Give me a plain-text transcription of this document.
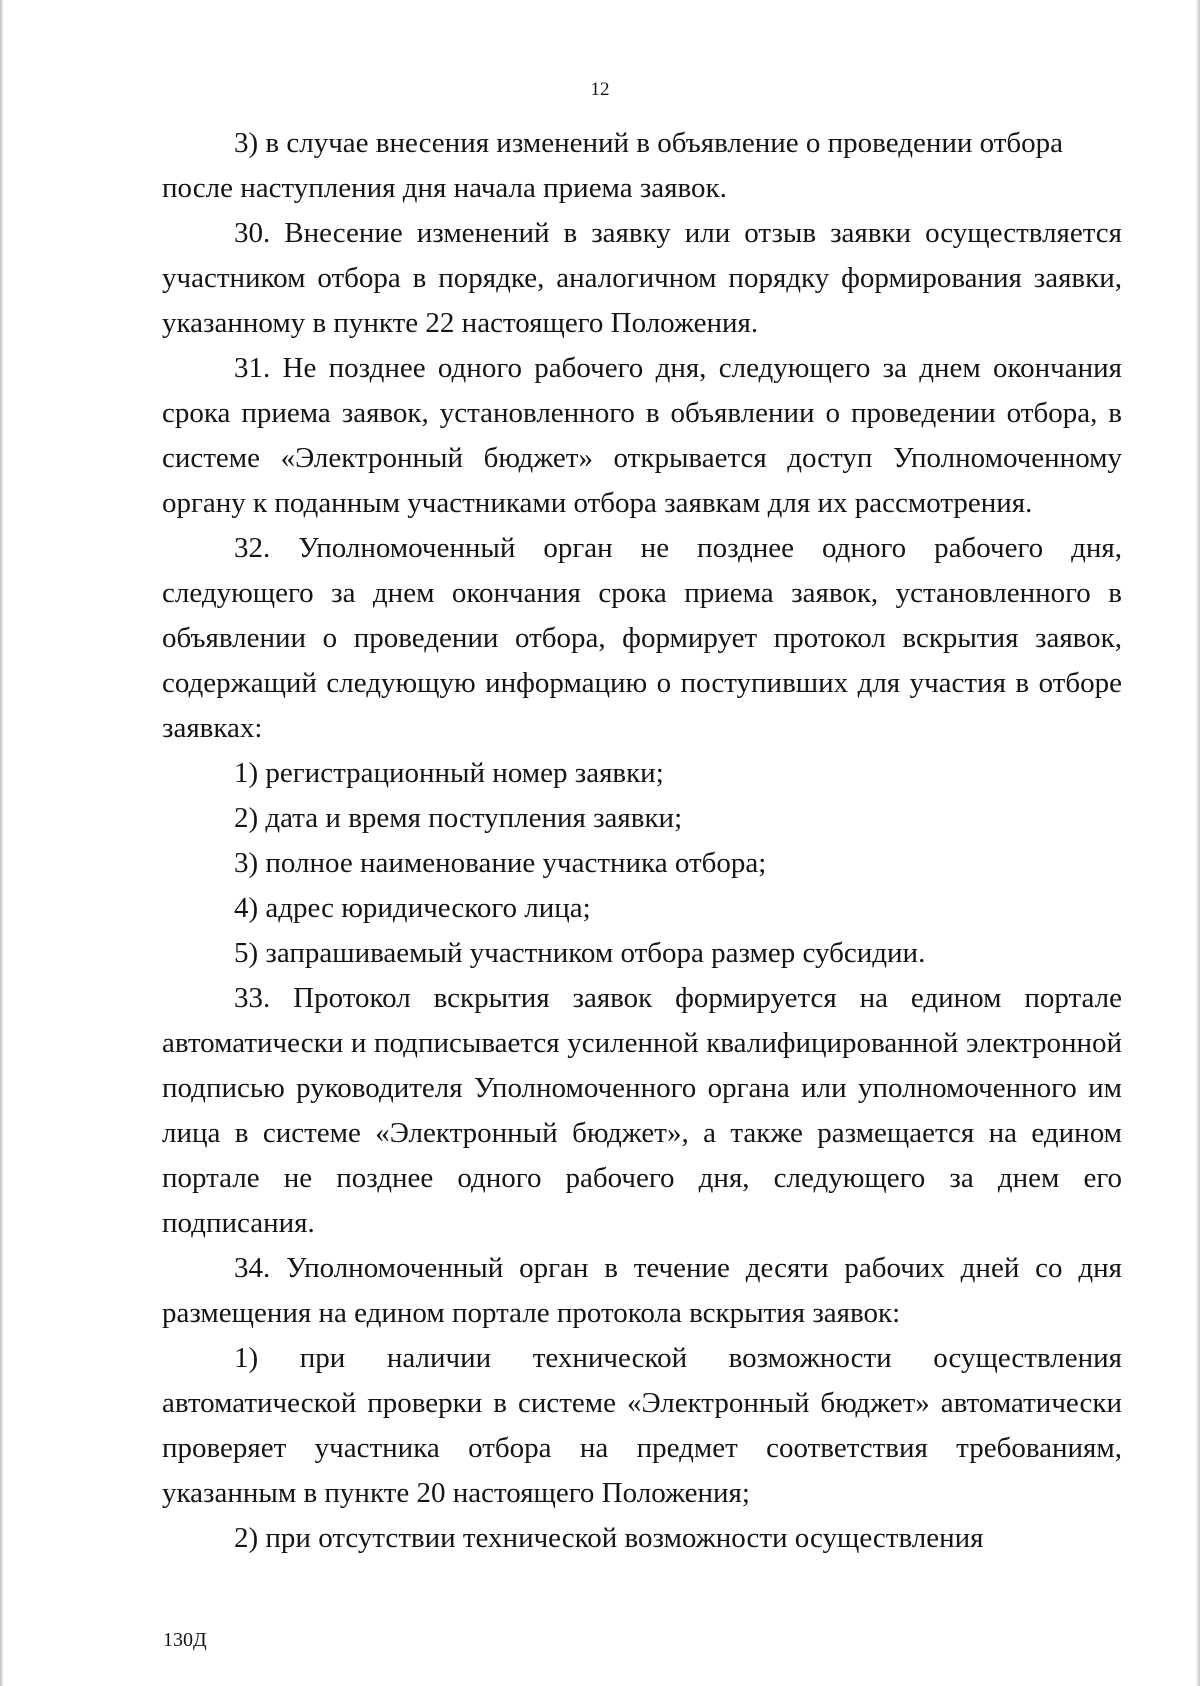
12

3) в случае внесения изменений в объявление о проведении отбора после наступления дня начала приема заявок.

30. Внесение изменений в заявку или отзыв заявки осуществляется участником отбора в порядке, аналогичном порядку формирования заявки, указанному в пункте 22 настоящего Положения.

31. Не позднее одного рабочего дня, следующего за днем окончания срока приема заявок, установленного в объявлении о проведении отбора, в системе «Электронный бюджет» открывается доступ Уполномоченному органу к поданным участниками отбора заявкам для их рассмотрения.

32. Уполномоченный орган не позднее одного рабочего дня, следующего за днем окончания срока приема заявок, установленного в объявлении о проведении отбора, формирует протокол вскрытия заявок, содержащий следующую информацию о поступивших для участия в отборе заявках:

1) регистрационный номер заявки;

2) дата и время поступления заявки;

3) полное наименование участника отбора;

4) адрес юридического лица;

5) запрашиваемый участником отбора размер субсидии.

33. Протокол вскрытия заявок формируется на едином портале автоматически и подписывается усиленной квалифицированной электронной подписью руководителя Уполномоченного органа или уполномоченного им лица в системе «Электронный бюджет», а также размещается на едином портале не позднее одного рабочего дня, следующего за днем его подписания.

34. Уполномоченный орган в течение десяти рабочих дней со дня размещения на едином портале протокола вскрытия заявок:

1) при наличии технической возможности осуществления автоматической проверки в системе «Электронный бюджет» автоматически проверяет участника отбора на предмет соответствия требованиям, указанным в пункте 20 настоящего Положения;

2) при отсутствии технической возможности осуществления

130Д
